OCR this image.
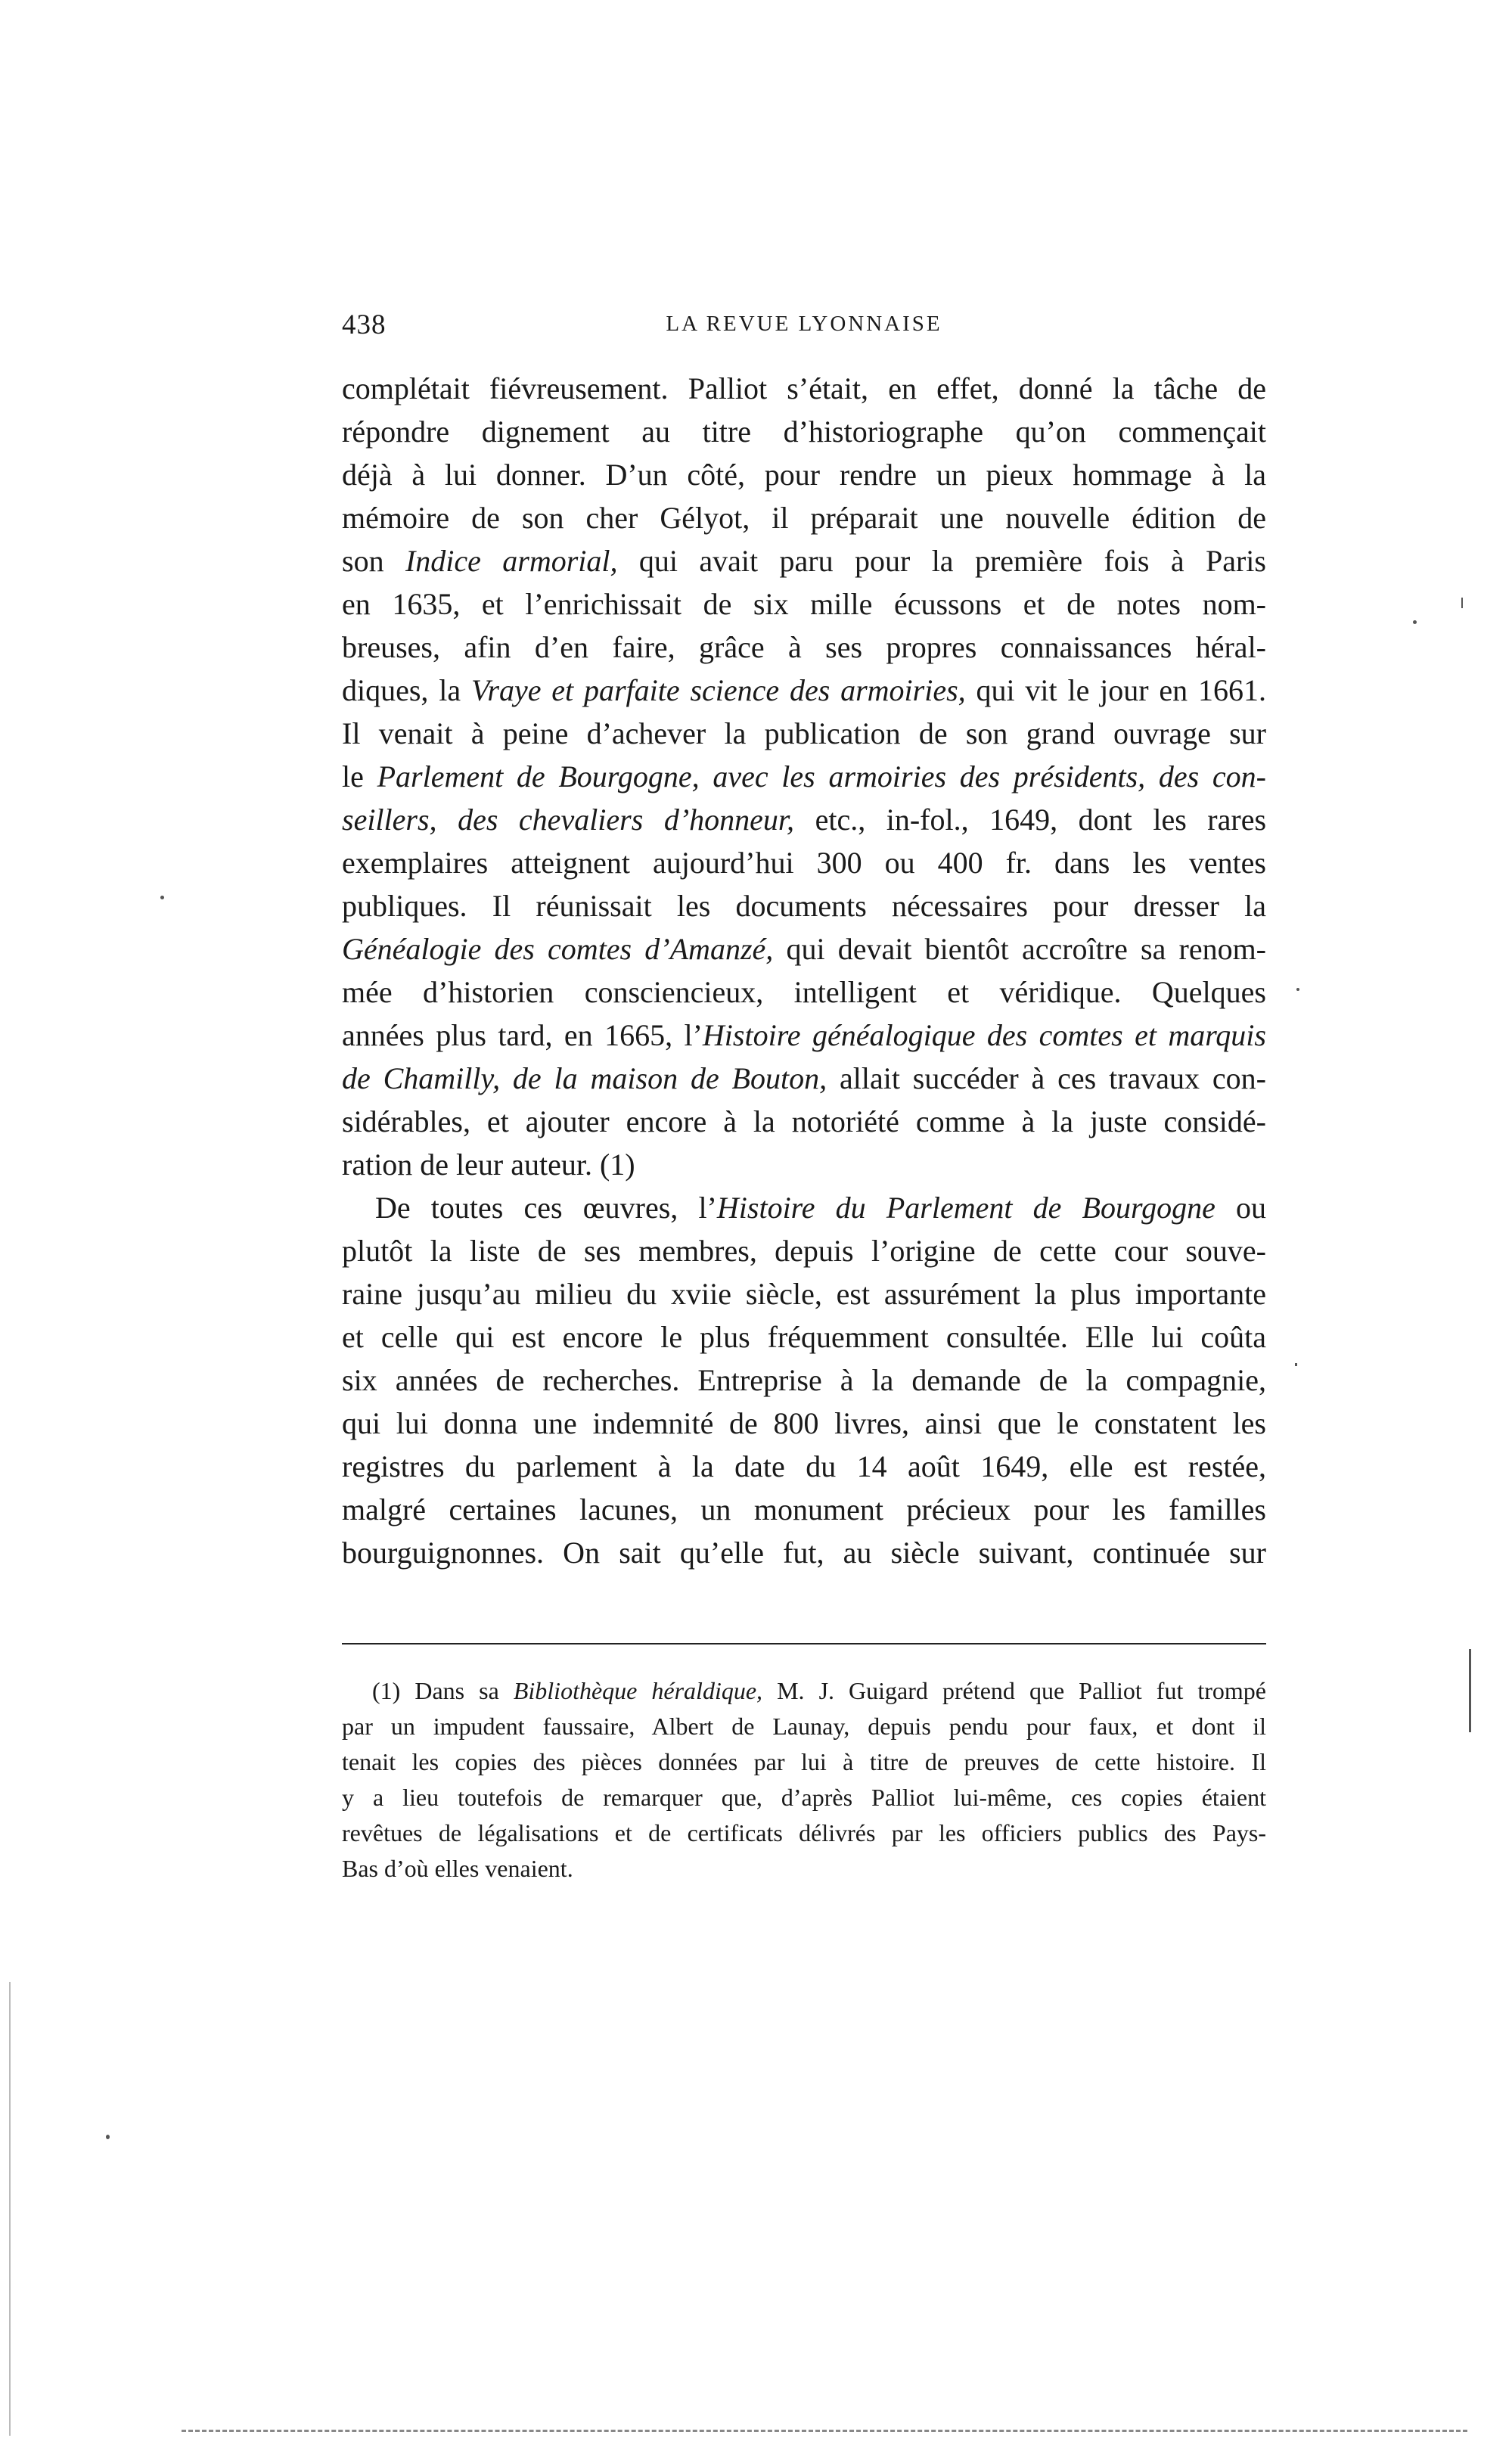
438	LA REVUE LYONNAISE
complétait fiévreusement. Palliot s’était, en effet, donné la tâche de
répondre dignement au titre d’historiographe qu’on commençait
déjà à lui donner. D’un côté, pour rendre un pieux hommage à la
mémoire de son cher Gélyot, il préparait une nouvelle édition de
son Indice armorial, qui avait paru pour la première fois à Paris
en 1635, et l’enrichissait de six mille écussons et de notes nom-
breuses, afin d’en faire, grâce à ses propres connaissances héral-
diques, la Vraye et parfaite science des armoiries, qui vit le jour en 1661.
Il venait à peine d’achever la publication de son grand ouvrage sur
le Parlement de Bourgogne, avec les armoiries des présidents, des con-
seillers, des chevaliers d’honneur, etc., in-fol., 1649, dont les rares
exemplaires atteignent aujourd’hui 300 ou 400 fr. dans les ventes
publiques. Il réunissait les documents nécessaires pour dresser la
Généalogie des comtes d’Amanzé, qui devait bientôt accroître sa renom-
mée d’historien consciencieux, intelligent et véridique. Quelques
années plus tard, en 1665, l’Histoire généalogique des comtes et marquis
de Chamilly, de la maison de Bouton, allait succéder à ces travaux con-
sidérables, et ajouter encore à la notoriété comme à la juste considé-
ration de leur auteur. (1)
De toutes ces œuvres, l’Histoire du Parlement de Bourgogne ou
plutôt la liste de ses membres, depuis l’origine de cette cour souve-
raine jusqu’au milieu du xviie siècle, est assurément la plus importante
et celle qui est encore le plus fréquemment consultée. Elle lui coûta
six années de recherches. Entreprise à la demande de la compagnie,
qui lui donna une indemnité de 800 livres, ainsi que le constatent les
registres du parlement à la date du 14 août 1649, elle est restée,
malgré certaines lacunes, un monument précieux pour les familles
bourguignonnes. On sait qu’elle fut, au siècle suivant, continuée sur
(1) Dans sa Bibliothèque héraldique, M. J. Guigard prétend que Palliot fut trompé
par un impudent faussaire, Albert de Launay, depuis pendu pour faux, et dont il
tenait les copies des pièces données par lui à titre de preuves de cette histoire. Il
y a lieu toutefois de remarquer que, d’après Palliot lui-même, ces copies étaient
revêtues de légalisations et de certificats délivrés par les officiers publics des Pays-
Bas d’où elles venaient.
